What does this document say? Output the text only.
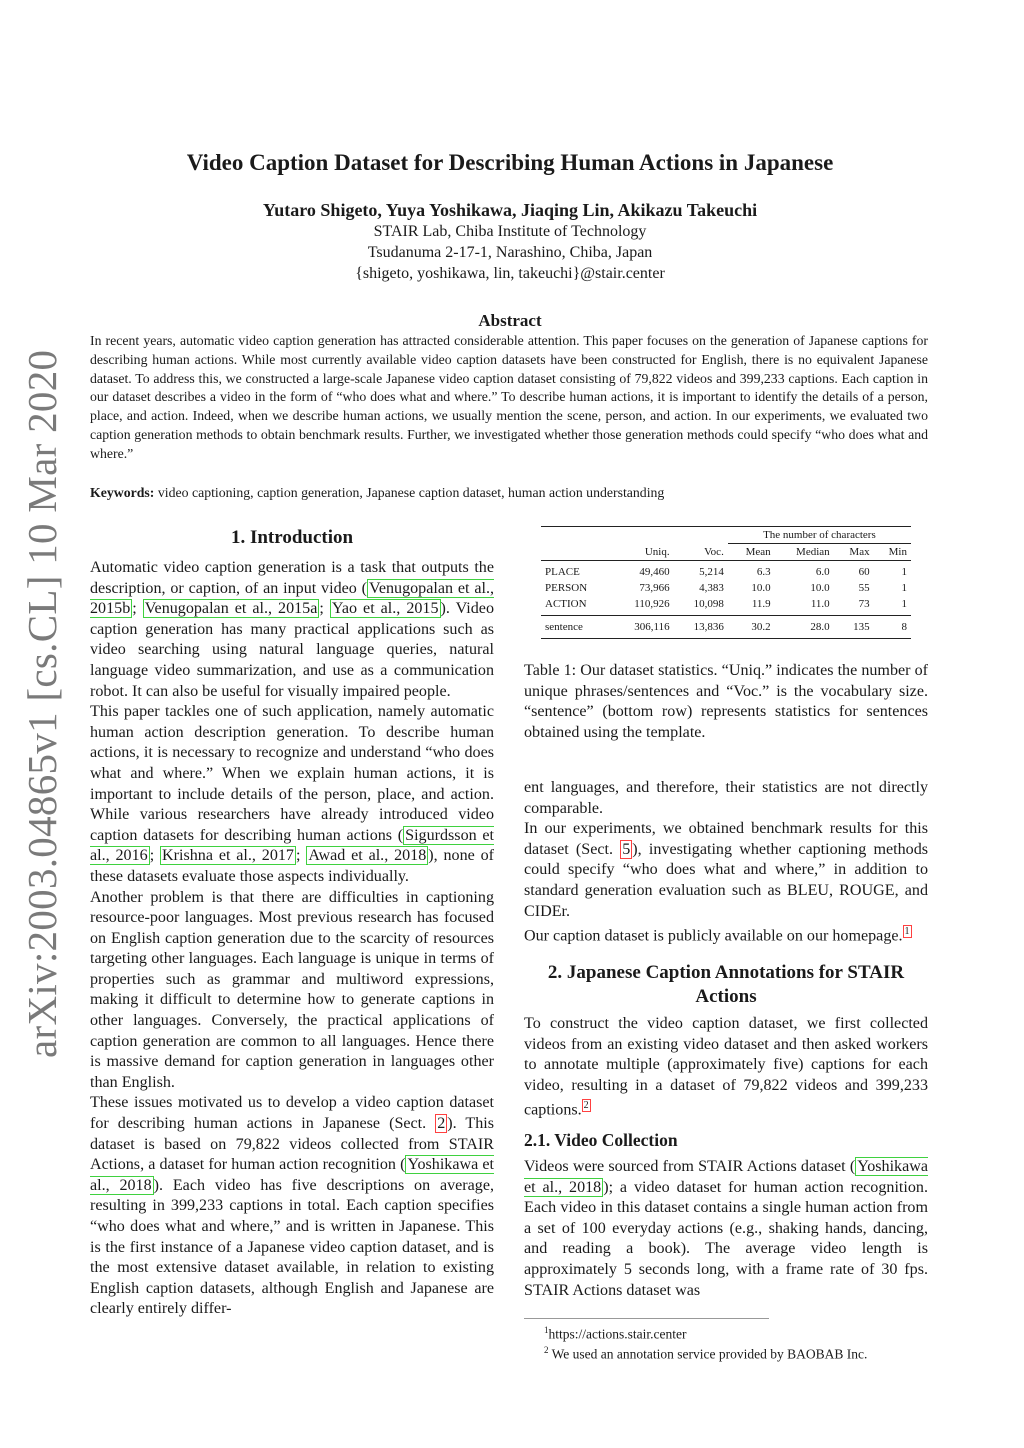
arXiv:2003.04865v1 [cs.CL] 10 Mar 2020
Video Caption Dataset for Describing Human Actions in Japanese
Yutaro Shigeto, Yuya Yoshikawa, Jiaqing Lin, Akikazu Takeuchi
STAIR Lab, Chiba Institute of Technology
Tsudanuma 2-17-1, Narashino, Chiba, Japan
{shigeto, yoshikawa, lin, takeuchi}@stair.center
Abstract
In recent years, automatic video caption generation has attracted considerable attention. This paper focuses on the generation of Japanese captions for describing human actions. While most currently available video caption datasets have been constructed for English, there is no equivalent Japanese dataset. To address this, we constructed a large-scale Japanese video caption dataset consisting of 79,822 videos and 399,233 captions. Each caption in our dataset describes a video in the form of “who does what and where.” To describe human actions, it is important to identify the details of a person, place, and action. Indeed, when we describe human actions, we usually mention the scene, person, and action. In our experiments, we evaluated two caption generation methods to obtain benchmark results. Further, we investigated whether those generation methods could specify “who does what and where.”
Keywords: video captioning, caption generation, Japanese caption dataset, human action understanding
1. Introduction

Automatic video caption generation is a task that outputs the description, or caption, of an input video ( Venugopalan et al., 2015b ; Venugopalan et al., 2015a ; Yao et al., 2015 ). Video caption generation has many practical applications such as video searching using natural language queries, natural language video summarization, and use as a communication robot. It can also be useful for visually impaired people.

This paper tackles one of such application, namely automatic human action description generation. To describe human actions, it is necessary to recognize and understand “who does what and where.” When we explain human actions, it is important to include details of the person, place, and action. While various researchers have already introduced video caption datasets for describing human actions ( Sigurdsson et al., 2016 ; Krishna et al., 2017 ; Awad et al., 2018 ), none of these datasets evaluate those aspects individually.

Another problem is that there are difficulties in captioning resource-poor languages. Most previous research has focused on English caption generation due to the scarcity of resources targeting other languages. Each language is unique in terms of properties such as grammar and multiword expressions, making it difficult to determine how to generate captions in other languages. Conversely, the practical applications of caption generation are common to all languages. Hence there is massive demand for caption generation in languages other than English.

These issues motivated us to develop a video caption dataset for describing human actions in Japanese (Sect. 2 ). This dataset is based on 79,822 videos collected from STAIR Actions, a dataset for human action recognition ( Yoshikawa et al., 2018 ). Each video has five descriptions on average, resulting in 399,233 captions in total. Each caption specifies “who does what and where,” and is written in Japanese. This is the first instance of a Japanese video caption dataset, and is the most extensive dataset available, in relation to existing English caption datasets, although English and Japanese are clearly entirely differ-

			The number of characters			
	Uniq.	Voc.	Mean	Median	Max	Min
PLACE	49,460	5,214	6.3	6.0	60	1
PERSON	73,966	4,383	10.0	10.0	55	1
ACTION	110,926	10,098	11.9	11.0	73	1
sentence	306,116	13,836	30.2	28.0	135	8
Table 1: Our dataset statistics. “Uniq.” indicates the number of unique phrases/sentences and “Voc.” is the vocabulary size. “sentence” (bottom row) represents statistics for sentences obtained using the template.

ent languages, and therefore, their statistics are not directly comparable.

In our experiments, we obtained benchmark results for this dataset (Sect. 5 ), investigating whether captioning methods could specify “who does what and where,” in addition to standard generation evaluation such as BLEU, ROUGE, and CIDEr.

Our caption dataset is publicly available on our homepage. $^1$

2. Japanese Caption Annotations for STAIR Actions

To construct the video caption dataset, we first collected videos from an existing video dataset and then asked workers to annotate multiple (approximately five) captions for each video, resulting in a dataset of 79,822 videos and 399,233 captions. $^2$

2.1. Video Collection

Videos were sourced from STAIR Actions dataset ( Yoshikawa et al., 2018 ); a video dataset for human action recognition. Each video in this dataset contains a single human action from a set of 100 everyday actions (e.g., shaking hands, dancing, and reading a book). The average video length is approximately 5 seconds long, with a frame rate of 30 fps. STAIR Actions dataset was

$^1$https://actions.stair.center
$^2$ We used an annotation service provided by BAOBAB Inc.
